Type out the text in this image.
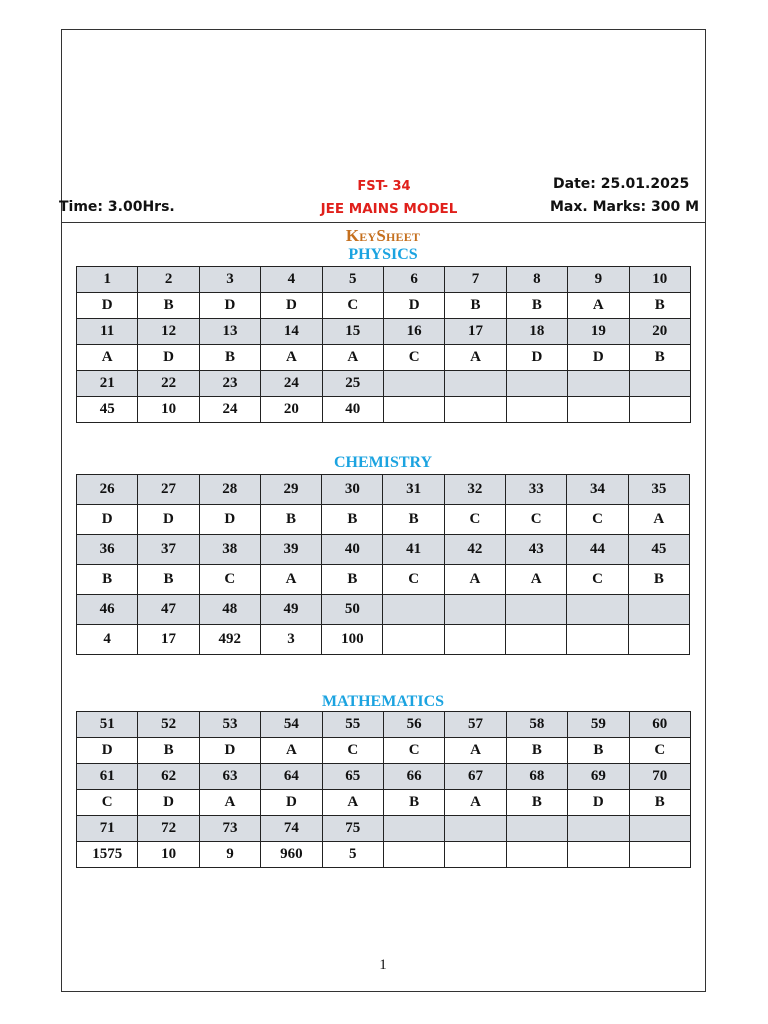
Time: 3.00Hrs.
FST- 34
JEE MAINS MODEL
Date: 25.01.2025
Max. Marks: 300 M
KeySheet
PHYSICS
1	2	3	4	5	6	7	8	9	10
D	B	D	D	C	D	B	B	A	B
11	12	13	14	15	16	17	18	19	20
A	D	B	A	A	C	A	D	D	B
21	22	23	24	25					
45	10	24	20	40					
CHEMISTRY
26	27	28	29	30	31	32	33	34	35
D	D	D	B	B	B	C	C	C	A
36	37	38	39	40	41	42	43	44	45
B	B	C	A	B	C	A	A	C	B
46	47	48	49	50					
4	17	492	3	100					
MATHEMATICS
51	52	53	54	55	56	57	58	59	60
D	B	D	A	C	C	A	B	B	C
61	62	63	64	65	66	67	68	69	70
C	D	A	D	A	B	A	B	D	B
71	72	73	74	75					
1575	10	9	960	5					
1
